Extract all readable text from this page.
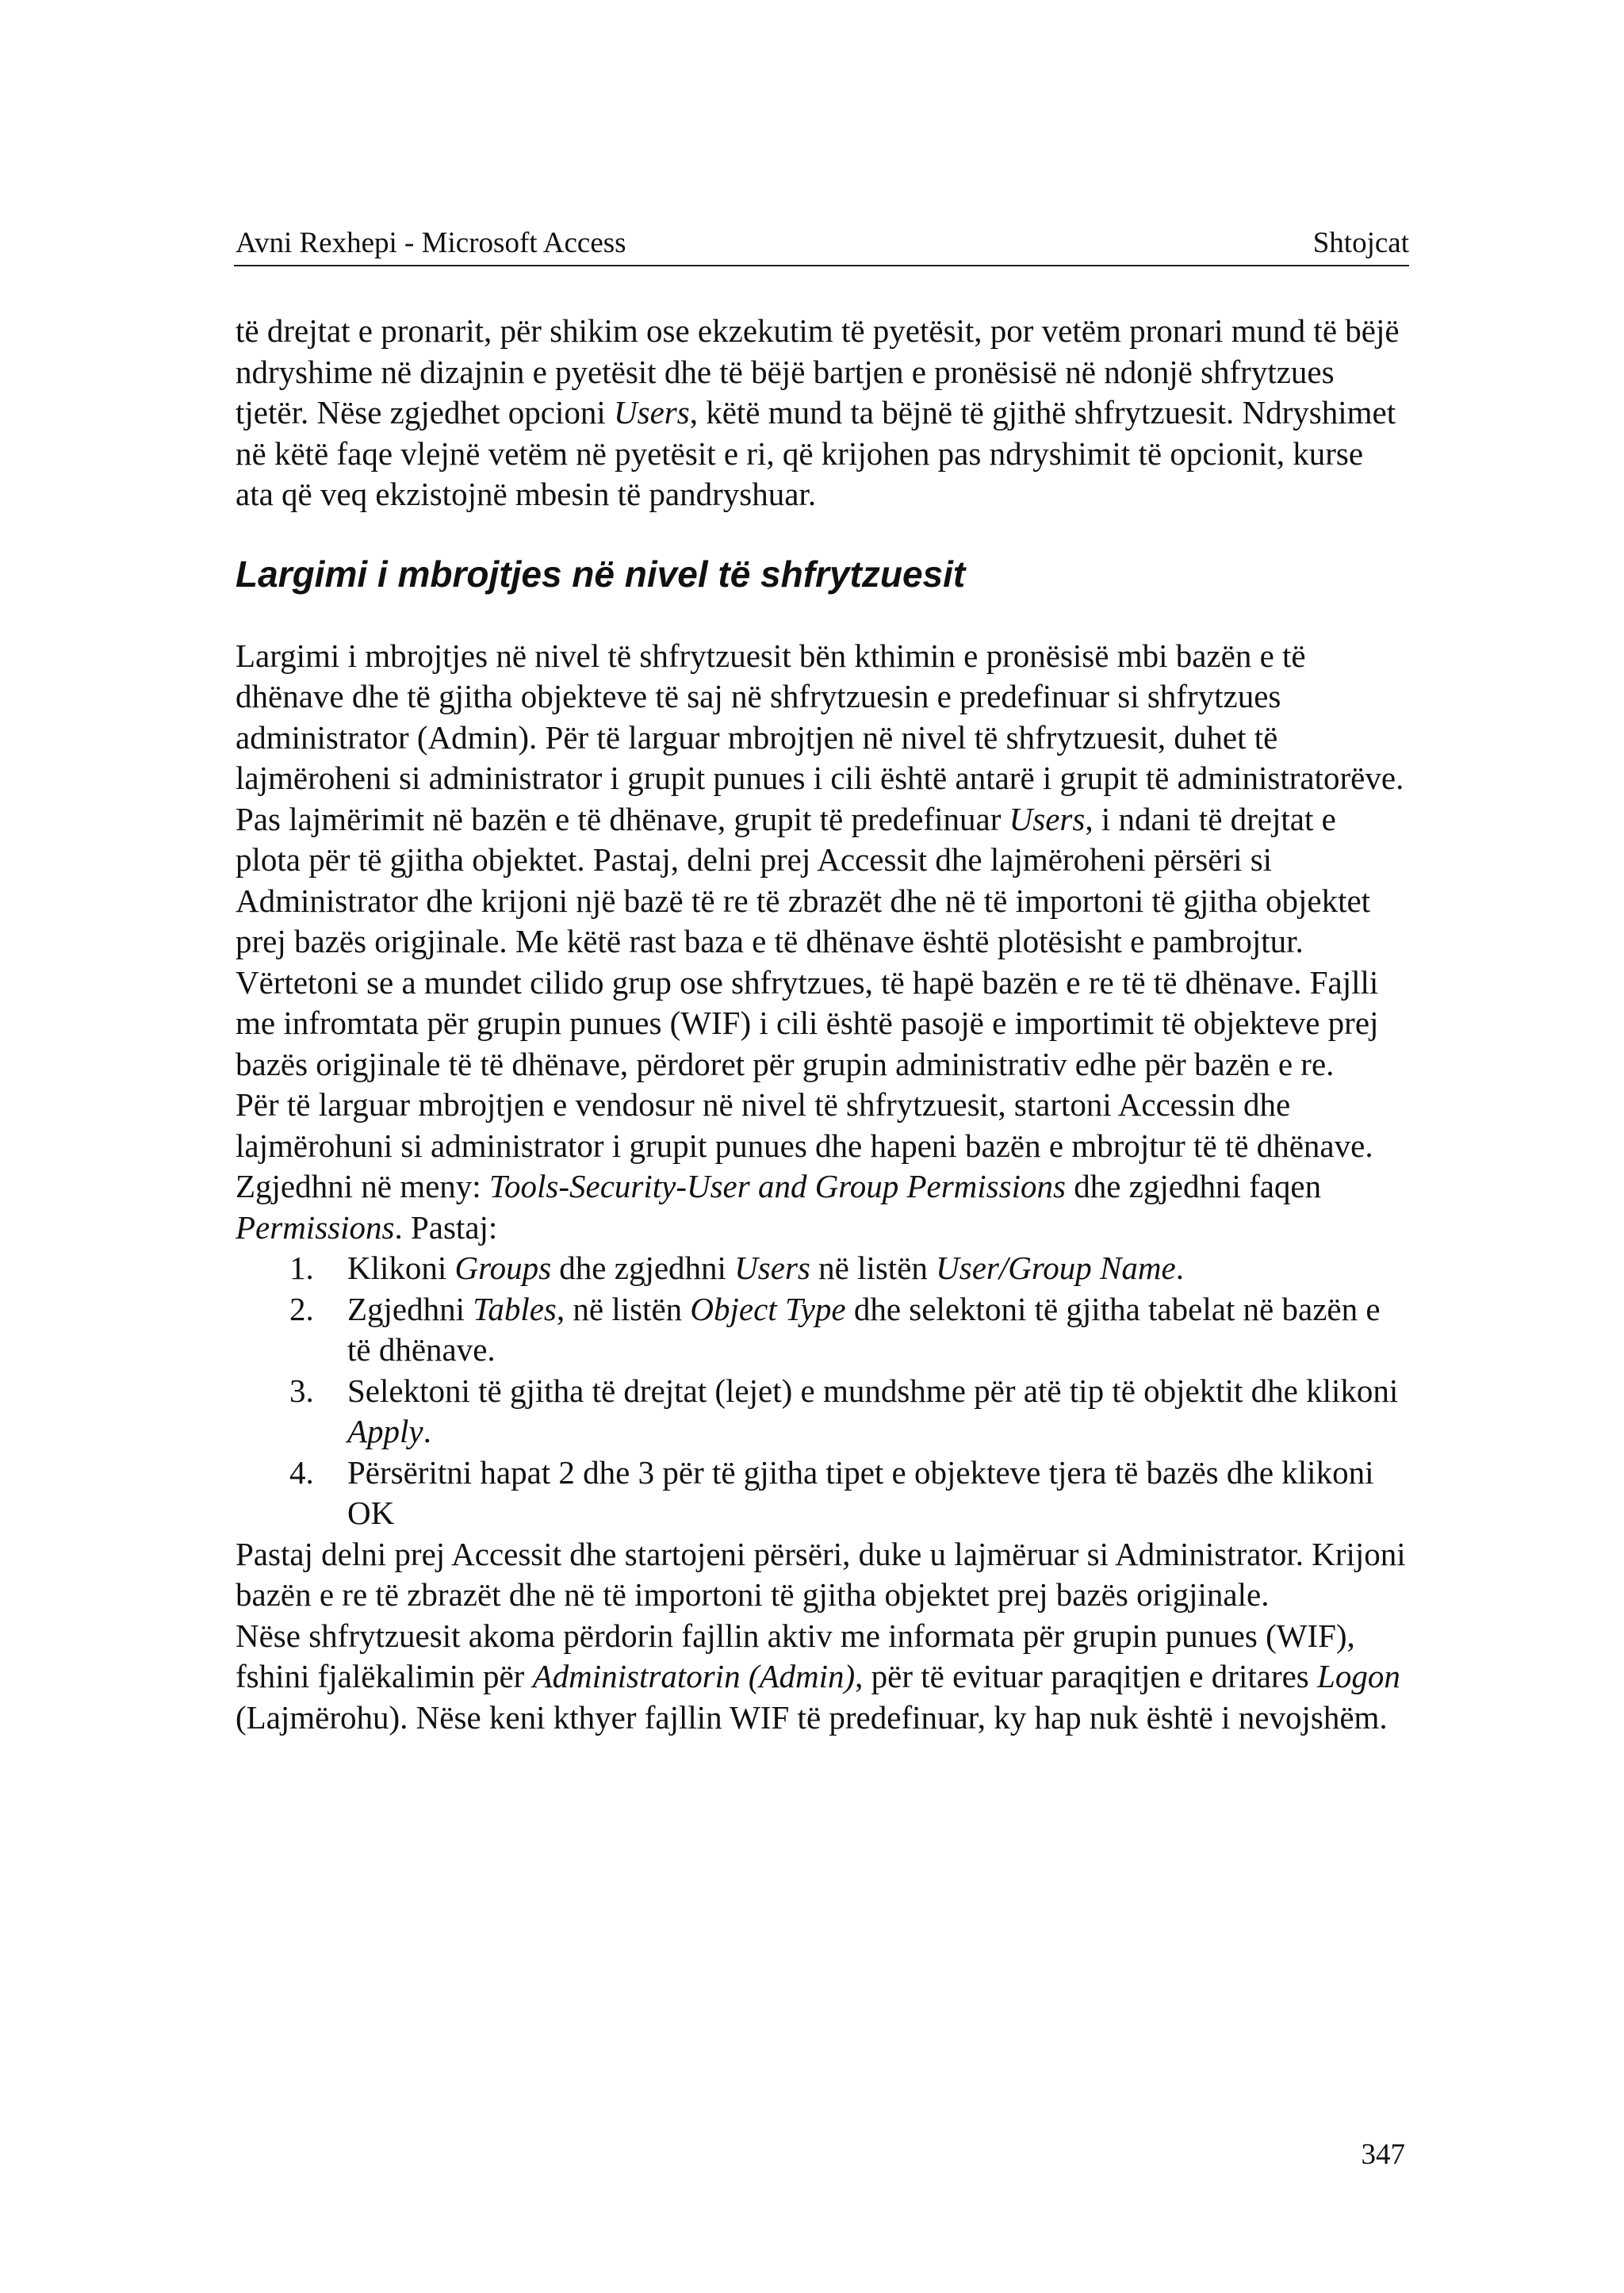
Avni Rexhepi - Microsoft Access	Shtojcat

të drejtat e pronarit, për shikim ose ekzekutim të pyetësit, por vetëm pronari mund të bëjë ndryshime në dizajnin e pyetësit dhe të bëjë bartjen e pronësisë në ndonjë shfrytzues tjetër. Nëse zgjedhet opcioni Users, këtë mund ta bëjnë të gjithë shfrytzuesit. Ndryshimet në këtë faqe vlejnë vetëm në pyetësit e ri, që krijohen pas ndryshimit të opcionit, kurse ata që veq ekzistojnë mbesin të pandryshuar.

Largimi i mbrojtjes në nivel të shfrytzuesit

Largimi i mbrojtjes në nivel të shfrytzuesit bën kthimin e pronësisë mbi bazën e të dhënave dhe të gjitha objekteve të saj në shfrytzuesin e predefinuar si shfrytzues administrator (Admin). Për të larguar mbrojtjen në nivel të shfrytzuesit, duhet të lajmëroheni si administrator i grupit punues i cili është antarë i grupit të administratorëve. Pas lajmërimit në bazën e të dhënave, grupit të predefinuar Users, i ndani të drejtat e plota për të gjitha objektet. Pastaj, delni prej Accessit dhe lajmëroheni përsëri si Administrator dhe krijoni një bazë të re të zbrazët dhe në të importoni të gjitha objektet prej bazës origjinale. Me këtë rast baza e të dhënave është plotësisht e pambrojtur. Vërtetoni se a mundet cilido grup ose shfrytzues, të hapë bazën e re të të dhënave. Fajlli me infromtata për grupin punues (WIF) i cili është pasojë e importimit të objekteve prej bazës origjinale të të dhënave, përdoret për grupin administrativ edhe për bazën e re.

Për të larguar mbrojtjen e vendosur në nivel të shfrytzuesit, startoni Accessin dhe lajmërohuni si administrator i grupit punues dhe hapeni bazën e mbrojtur të të dhënave. Zgjedhni në meny: Tools-Security-User and Group Permissions dhe zgjedhni faqen Permissions. Pastaj:

1.	Klikoni Groups dhe zgjedhni Users në listën User/Group Name.
2.	Zgjedhni Tables, në listën Object Type dhe selektoni të gjitha tabelat në bazën e të dhënave.
3.	Selektoni të gjitha të drejtat (lejet) e mundshme për atë tip të objektit dhe klikoni Apply.
4.	Përsëritni hapat 2 dhe 3 për të gjitha tipet e objekteve tjera të bazës dhe klikoni OK

Pastaj delni prej Accessit dhe startojeni përsëri, duke u lajmëruar si Administrator. Krijoni bazën e re të zbrazët dhe në të importoni të gjitha objektet prej bazës origjinale.

Nëse shfrytzuesit akoma përdorin fajllin aktiv me informata për grupin punues (WIF), fshini fjalëkalimin për Administratorin (Admin), për të evituar paraqitjen e dritares Logon (Lajmërohu). Nëse keni kthyer fajllin WIF të predefinuar, ky hap nuk është i nevojshëm.

347
